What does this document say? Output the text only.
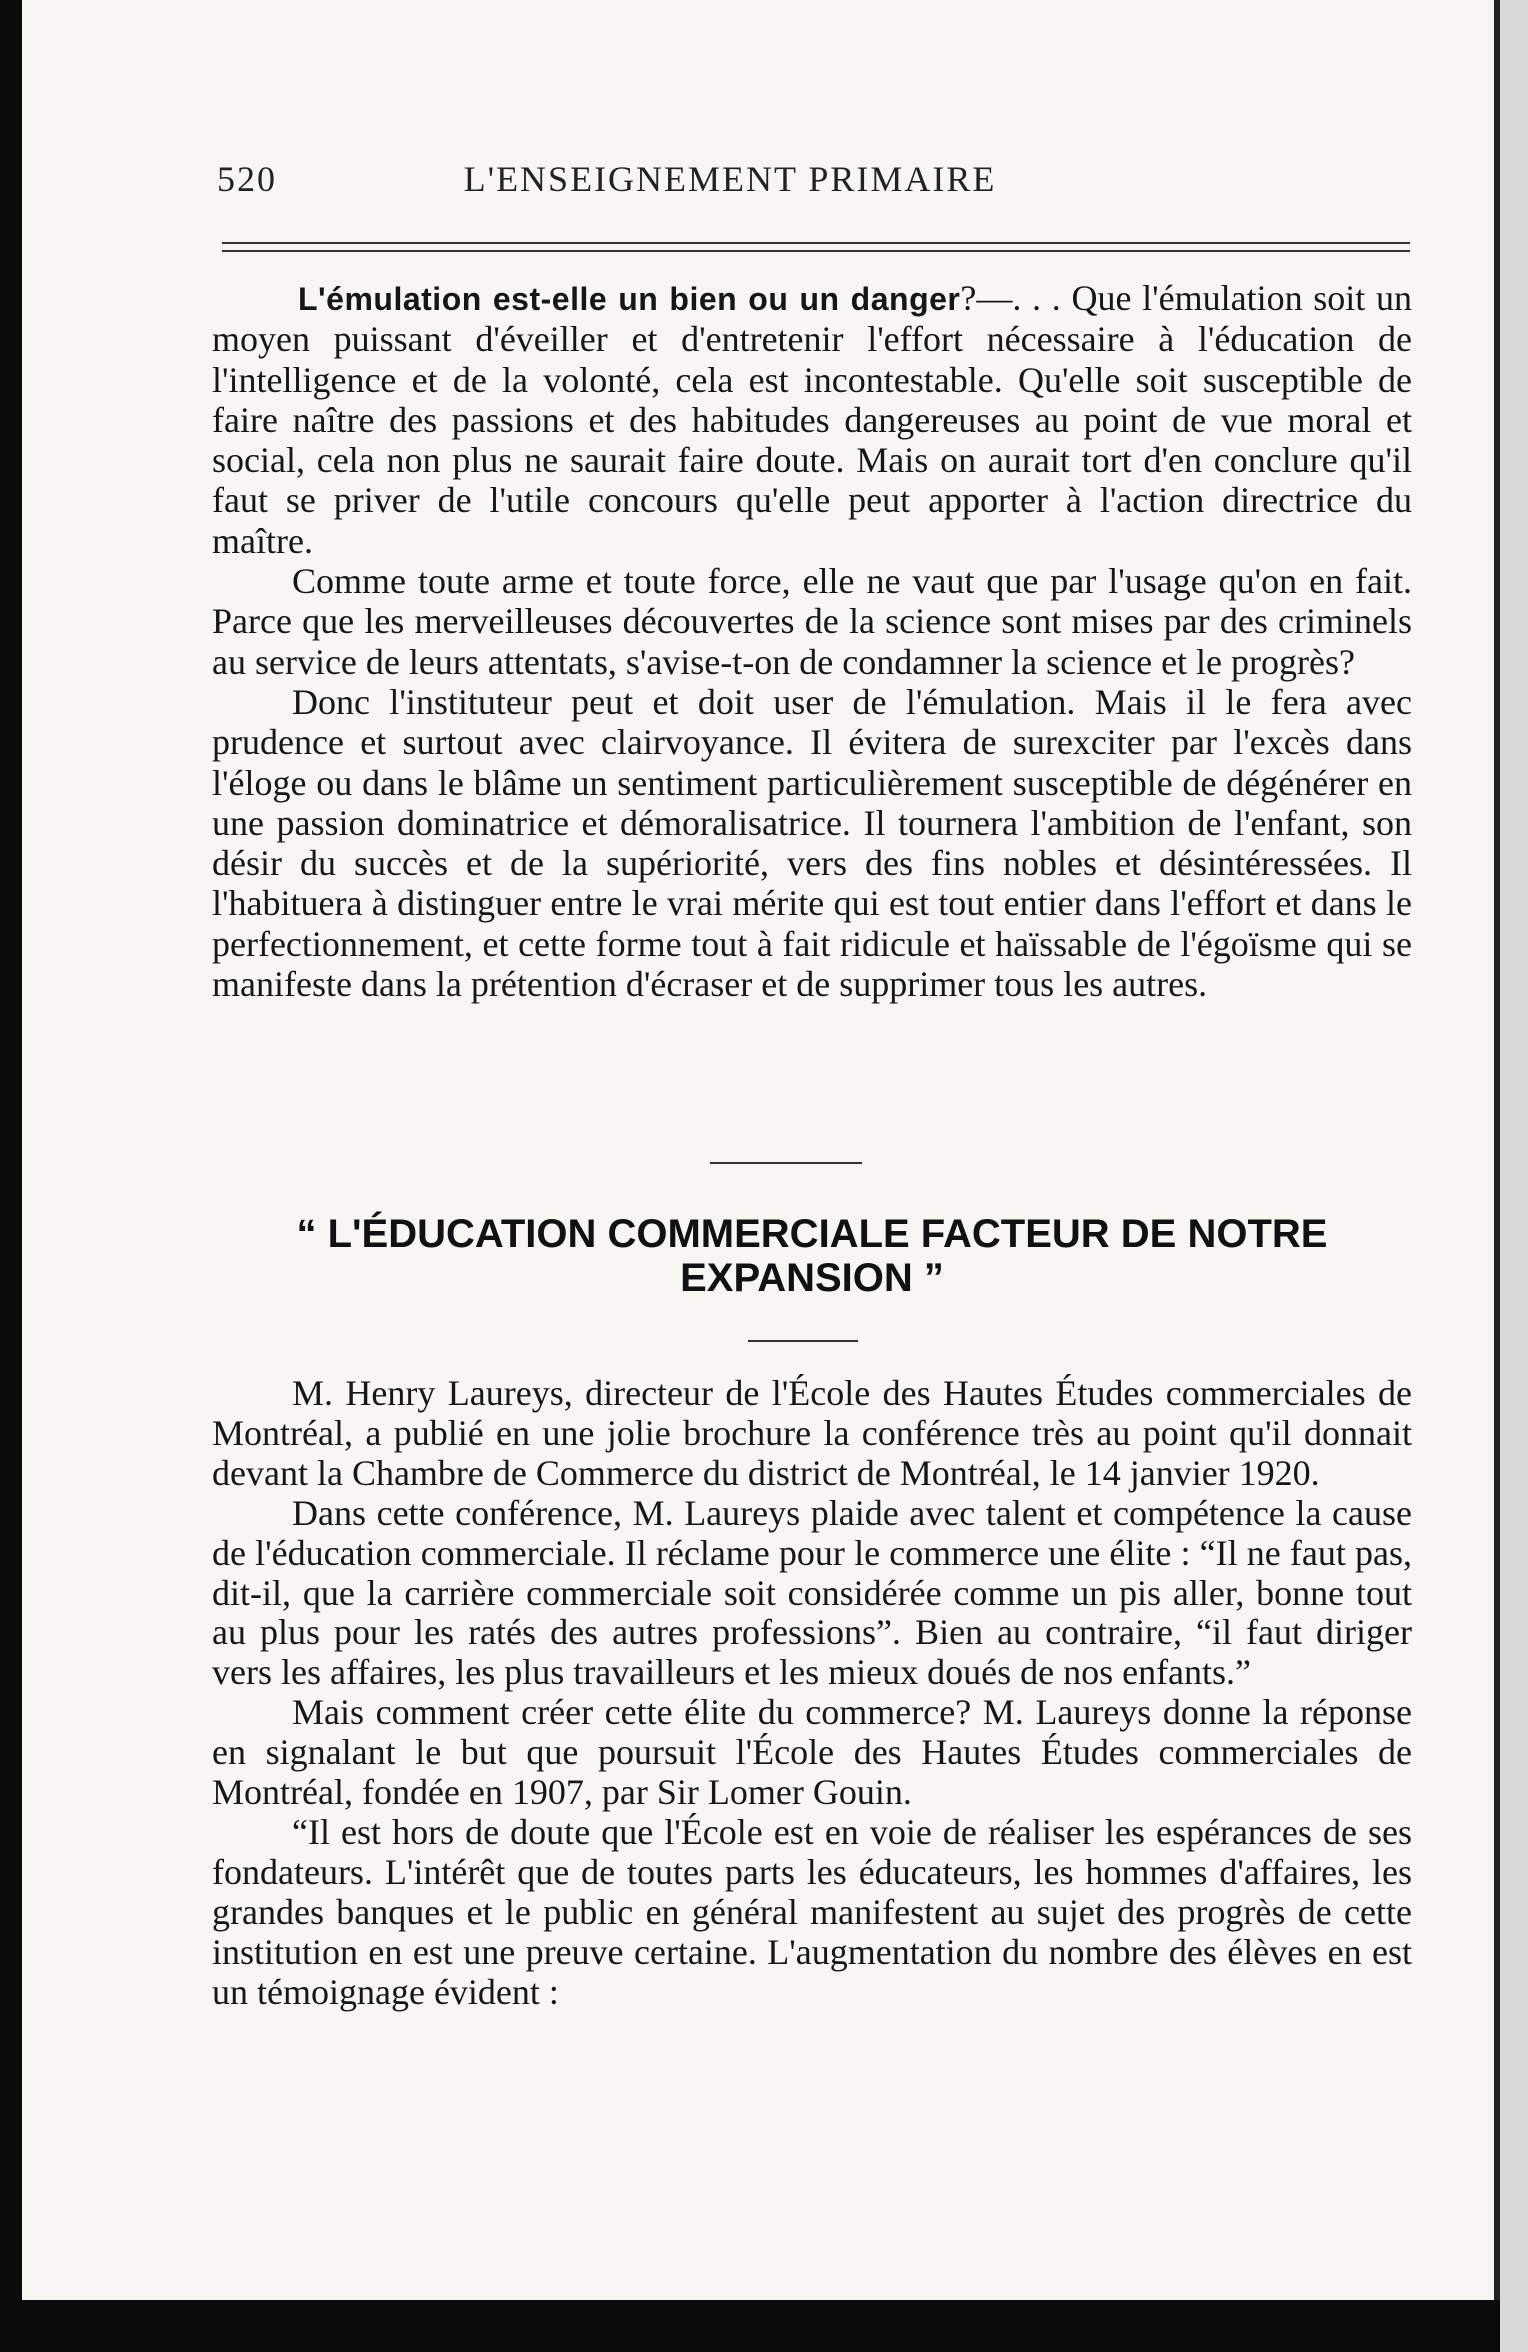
520	L'ENSEIGNEMENT PRIMAIRE

L'émulation est-elle un bien ou un danger?—. . . Que l'émulation soit un moyen puissant d'éveiller et d'entretenir l'effort nécessaire à l'éducation de l'intelligence et de la volonté, cela est incontestable. Qu'elle soit susceptible de faire naître des passions et des habitudes dangereuses au point de vue moral et social, cela non plus ne saurait faire doute. Mais on aurait tort d'en conclure qu'il faut se priver de l'utile concours qu'elle peut apporter à l'action directrice du maître.

Comme toute arme et toute force, elle ne vaut que par l'usage qu'on en fait. Parce que les merveilleuses découvertes de la science sont mises par des criminels au service de leurs attentats, s'avise-t-on de condamner la science et le progrès?

Donc l'instituteur peut et doit user de l'émulation. Mais il le fera avec prudence et surtout avec clairvoyance. Il évitera de surexciter par l'excès dans l'éloge ou dans le blâme un sentiment particulièrement susceptible de dégénérer en une passion dominatrice et démoralisatrice. Il tournera l'ambition de l'enfant, son désir du succès et de la supériorité, vers des fins nobles et désintéressées. Il l'habituera à distinguer entre le vrai mérite qui est tout entier dans l'effort et dans le perfectionnement, et cette forme tout à fait ridicule et haïssable de l'égoïsme qui se manifeste dans la prétention d'écraser et de supprimer tous les autres.

“ L'ÉDUCATION COMMERCIALE FACTEUR DE NOTRE
EXPANSION ”

M. Henry Laureys, directeur de l'École des Hautes Études commerciales de Montréal, a publié en une jolie brochure la conférence très au point qu'il donnait devant la Chambre de Commerce du district de Montréal, le 14 janvier 1920.

Dans cette conférence, M. Laureys plaide avec talent et compétence la cause de l'éducation commerciale. Il réclame pour le commerce une élite : “Il ne faut pas, dit-il, que la carrière commerciale soit considérée comme un pis aller, bonne tout au plus pour les ratés des autres professions”. Bien au contraire, “il faut diriger vers les affaires, les plus travailleurs et les mieux doués de nos enfants.”

Mais comment créer cette élite du commerce? M. Laureys donne la réponse en signalant le but que poursuit l'École des Hautes Études commerciales de Montréal, fondée en 1907, par Sir Lomer Gouin.

“Il est hors de doute que l'École est en voie de réaliser les espérances de ses fondateurs. L'intérêt que de toutes parts les éducateurs, les hommes d'affaires, les grandes banques et le public en général manifestent au sujet des progrès de cette institution en est une preuve certaine. L'augmentation du nombre des élèves en est un témoignage évident :
